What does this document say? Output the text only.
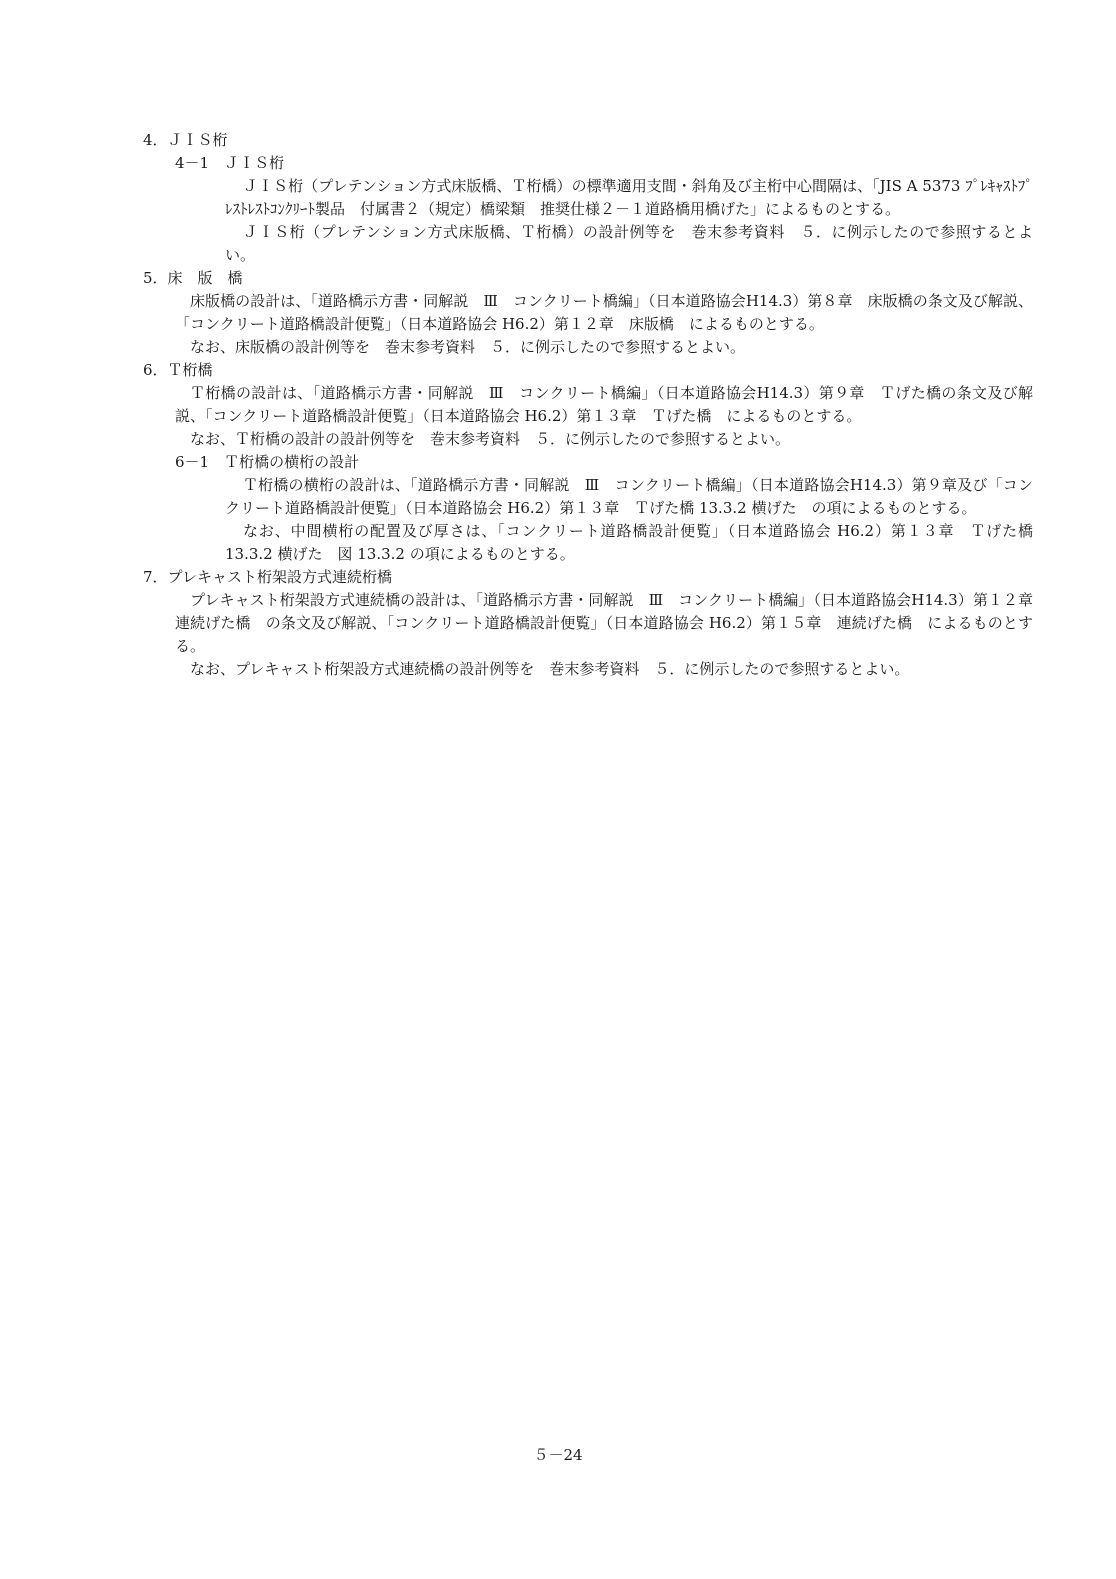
4．ＪＩＳ桁
4－1　ＪＩＳ桁

ＪＩＳ桁（プレテンション方式床版橋、Ｔ桁橋）の標準適用支間・斜角及び主桁中心間隔は、「JIS A 5373 ﾌﾟﾚｷｬｽﾄﾌﾟﾚｽﾄﾚｽﾄｺﾝｸﾘｰﾄ製品　付属書２（規定）橋梁類　推奨仕様２－１道路橋用橋げた」によるものとする。

ＪＩＳ桁（プレテンション方式床版橋、Ｔ桁橋）の設計例等を　巻末参考資料　５．に例示したので参照するとよい。

5．床　版　橋

床版橋の設計は、「道路橋示方書・同解説　Ⅲ　コンクリート橋編」（日本道路協会H14.3）第８章　床版橋の条文及び解説、「コンクリート道路橋設計便覧」（日本道路協会 H6.2）第１２章　床版橋　によるものとする。

なお、床版橋の設計例等を　巻末参考資料　５．に例示したので参照するとよい。

6．Ｔ桁橋

Ｔ桁橋の設計は、「道路橋示方書・同解説　Ⅲ　コンクリート橋編」（日本道路協会H14.3）第９章　Ｔげた橋の条文及び解説、「コンクリート道路橋設計便覧」（日本道路協会 H6.2）第１３章　Ｔげた橋　によるものとする。

なお、Ｔ桁橋の設計の設計例等を　巻末参考資料　５．に例示したので参照するとよい。

6－1　Ｔ桁橋の横桁の設計

Ｔ桁橋の横桁の設計は、「道路橋示方書・同解説　Ⅲ　コンクリート橋編」（日本道路協会H14.3）第９章及び「コンクリート道路橋設計便覧」（日本道路協会 H6.2）第１３章　Ｔげた橋 13.3.2 横げた　の項によるものとする。

なお、中間横桁の配置及び厚さは、「コンクリート道路橋設計便覧」（日本道路協会 H6.2）第１３章　Ｔげた橋 13.3.2 横げた　図 13.3.2 の項によるものとする。

7．プレキャスト桁架設方式連続桁橋

プレキャスト桁架設方式連続橋の設計は、「道路橋示方書・同解説　Ⅲ　コンクリート橋編」（日本道路協会H14.3）第１２章　連続げた橋　の条文及び解説、「コンクリート道路橋設計便覧」（日本道路協会 H6.2）第１５章　連続げた橋　によるものとする。

なお、プレキャスト桁架設方式連続橋の設計例等を　巻末参考資料　５．に例示したので参照するとよい。

５－24
